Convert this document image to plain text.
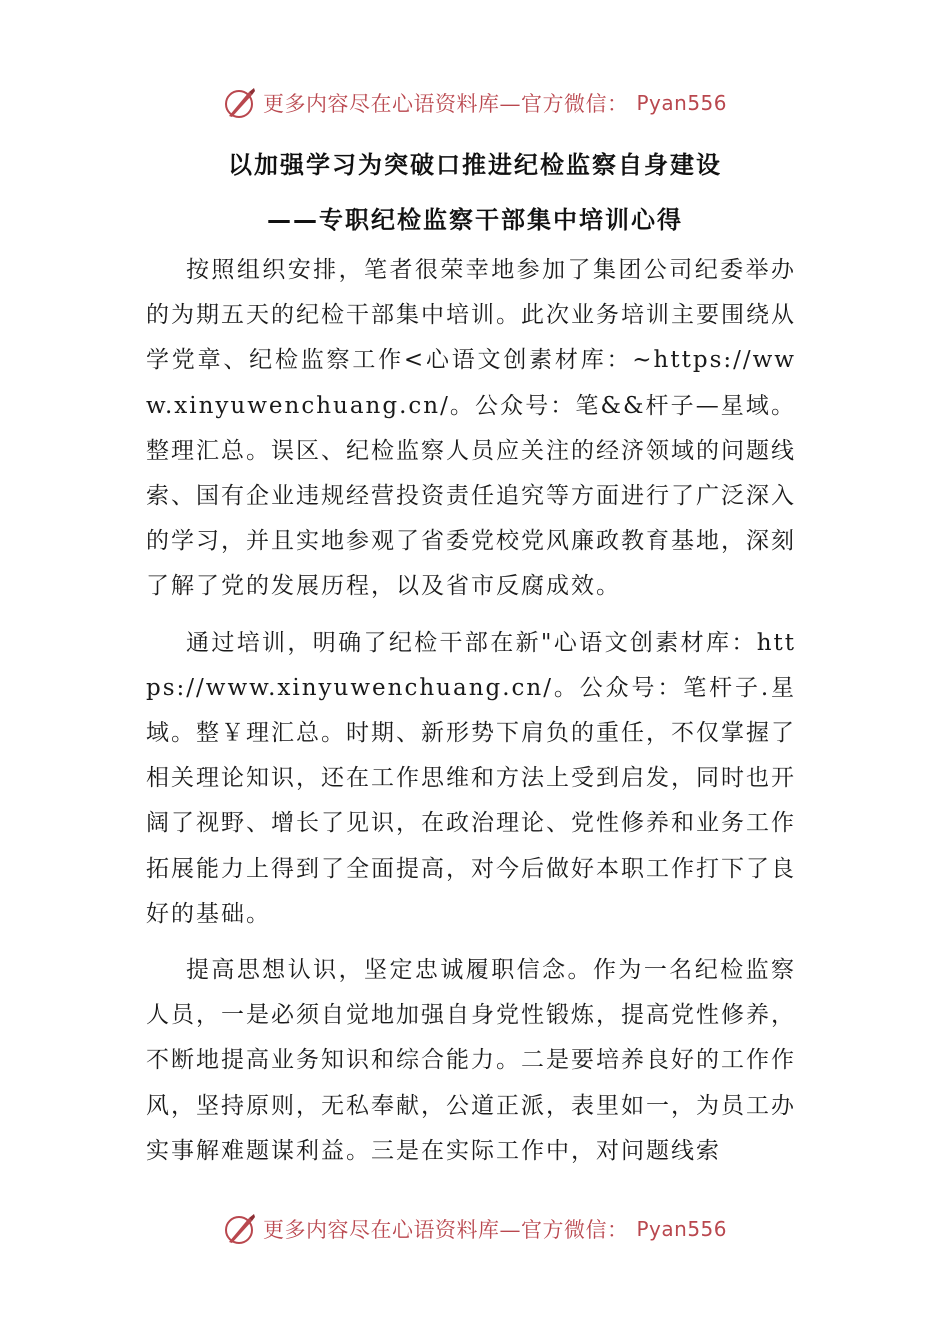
更多内容尽在心语资料库—官方微信： Pyan556
以加强学习为突破口推进纪检监察自身建设
——专职纪检监察干部集中培训心得

按照组织安排，笔者很荣幸地参加了集团公司纪委举办的为期五天的纪检干部集中培训。此次业务培训主要围绕从学党章、纪检监察工作<心语文创素材库：~https://www.xinyuwenchuang.cn/。公众号：笔&&杆子—星域。整理汇总。误区、纪检监察人员应关注的经济领域的问题线索、国有企业违规经营投资责任追究等方面进行了广泛深入的学习，并且实地参观了省委党校党风廉政教育基地，深刻了解了党的发展历程，以及省市反腐成效。

通过培训，明确了纪检干部在新"心语文创素材库：https://www.xinyuwenchuang.cn/。公众号：笔杆子.星域。整￥理汇总。时期、新形势下肩负的重任，不仅掌握了相关理论知识，还在工作思维和方法上受到启发，同时也开阔了视野、增长了见识，在政治理论、党性修养和业务工作拓展能力上得到了全面提高，对今后做好本职工作打下了良好的基础。

提高思想认识，坚定忠诚履职信念。作为一名纪检监察人员，一是必须自觉地加强自身党性锻炼，提高党性修养，不断地提高业务知识和综合能力。二是要培养良好的工作作风，坚持原则，无私奉献，公道正派，表里如一，为员工办实事解难题谋利益。三是在实际工作中，对问题线索

更多内容尽在心语资料库—官方微信： Pyan556
